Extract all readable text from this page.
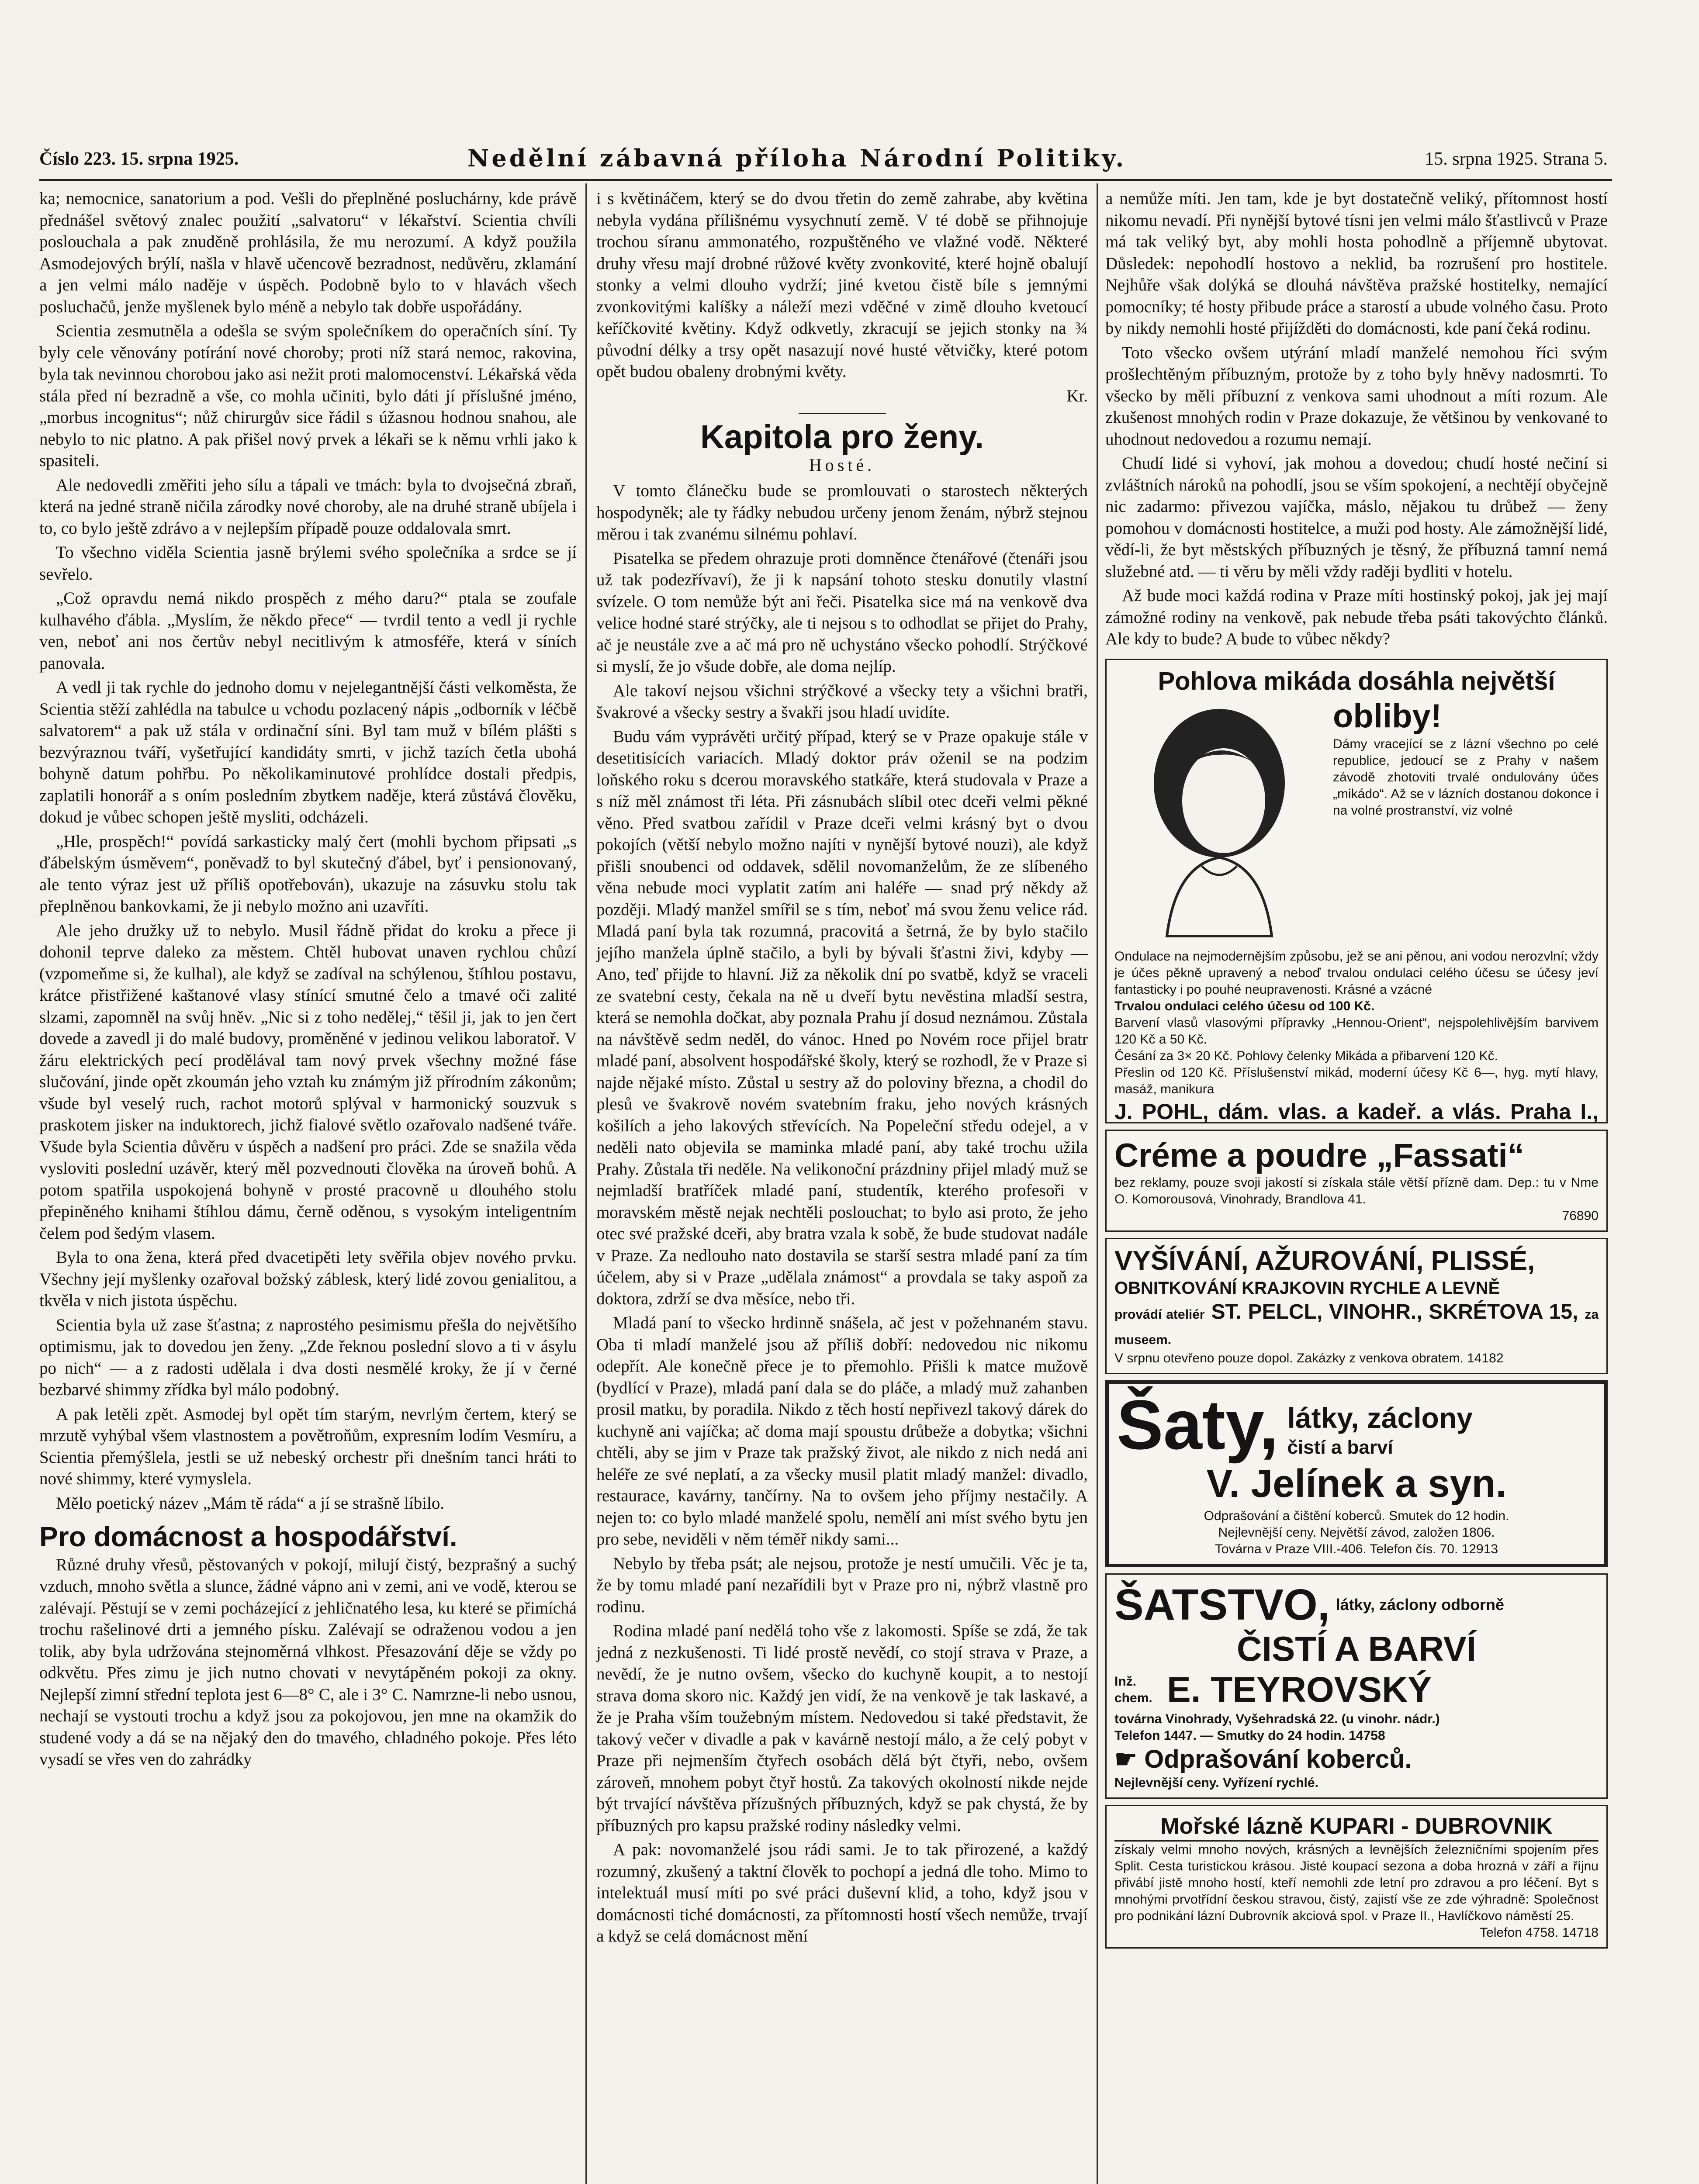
Číslo 223. 15. srpna 1925.	Nedělní zábavná příloha Národní Politiky.	15. srpna 1925. Strana 5.

ka; nemocnice, sanatorium a pod. Vešli do přeplněné posluchárny, kde právě přednášel světový znalec použití „salvatoru“ v lékařství. Scientia chvíli poslouchala a pak znuděně prohlásila, že mu nerozumí. A když použila Asmodejových brýlí, našla v hlavě učencově bezradnost, nedůvěru, zklamání a jen velmi málo naděje v úspěch. Podobně bylo to v hlavách všech posluchačů, jenže myšlenek bylo méně a nebylo tak dobře uspořádány.

Scientia zesmutněla a odešla se svým společníkem do operačních síní. Ty byly cele věnovány potírání nové choroby; proti níž stará nemoc, rakovina, byla tak nevinnou chorobou jako asi nežit proti malomocenství. Lékařská věda stála před ní bezradně a vše, co mohla učiniti, bylo dáti jí příslušné jméno, „morbus incognitus“; nůž chirurgův sice řádil s úžasnou hodnou snahou, ale nebylo to nic platno. A pak přišel nový prvek a lékaři se k němu vrhli jako k spasiteli.

Ale nedovedli změřiti jeho sílu a tápali ve tmách: byla to dvojsečná zbraň, která na jedné straně ničila zárodky nové choroby, ale na druhé straně ubíjela i to, co bylo ještě zdrávo a v nejlepším případě pouze oddalovala smrt.

To všechno viděla Scientia jasně brýlemi svého společníka a srdce se jí sevřelo.

„Což opravdu nemá nikdo prospěch z mého daru?“ ptala se zoufale kulhavého ďábla. „Myslím, že někdo přece“ — tvrdil tento a vedl ji rychle ven, neboť ani nos čertův nebyl necitlivým k atmosféře, která v síních panovala.

A vedl ji tak rychle do jednoho domu v nejelegantnější části velkoměsta, že Scientia stěží zahlédla na tabulce u vchodu pozlacený nápis „odborník v léčbě salvatorem“ a pak už stála v ordinační síni. Byl tam muž v bílém plášti s bezvýraznou tváří, vyšetřující kandidáty smrti, v jichž tazích četla ubohá bohyně datum pohřbu. Po několikaminutové prohlídce dostali předpis, zaplatili honorář a s oním posledním zbytkem naděje, která zůstává člověku, dokud je vůbec schopen ještě mysliti, odcházeli.

„Hle, prospěch!“ povídá sarkasticky malý čert (mohli bychom připsati „s ďábelským úsměvem“, poněvadž to byl skutečný ďábel, byť i pensionovaný, ale tento výraz jest už příliš opotřebován), ukazuje na zásuvku stolu tak přeplněnou bankovkami, že ji nebylo možno ani uzavříti.

Ale jeho družky už to nebylo. Musil řádně přidat do kroku a přece ji dohonil teprve daleko za městem. Chtěl hubovat unaven rychlou chůzí (vzpomeňme si, že kulhal), ale když se zadíval na schýlenou, štíhlou postavu, krátce přistřižené kaštanové vlasy stínící smutné čelo a tmavé oči zalité slzami, zapomněl na svůj hněv. „Nic si z toho nedělej,“ těšil ji, jak to jen čert dovede a zavedl ji do malé budovy, proměněné v jedinou velikou laboratoř. V žáru elektrických pecí prodělával tam nový prvek všechny možné fáse slučování, jinde opět zkoumán jeho vztah ku známým již přírodním zákonům; všude byl veselý ruch, rachot motorů splýval v harmonický souzvuk s praskotem jisker na induktorech, jichž fialové světlo ozařovalo nadšené tváře. Všude byla Scientia důvěru v úspěch a nadšení pro práci. Zde se snažila věda vysloviti poslední uzávěr, který měl pozvednouti člověka na úroveň bohů. A potom spatřila uspokojená bohyně v prosté pracovně u dlouhého stolu přepiněného knihami štíhlou dámu, černě oděnou, s vysokým inteligentním čelem pod šedým vlasem.

Byla to ona žena, která před dvacetipěti lety svěřila objev nového prvku. Všechny její myšlenky ozařoval božský záblesk, který lidé zovou genialitou, a tkvěla v nich jistota úspěchu.

Scientia byla už zase šťastna; z naprostého pesimismu přešla do největšího optimismu, jak to dovedou jen ženy. „Zde řeknou poslední slovo a ti v ásylu po nich“ — a z radosti udělala i dva dosti nesmělé kroky, že jí v černé bezbarvé shimmy zřídka byl málo podobný.

A pak letěli zpět. Asmodej byl opět tím starým, nevrlým čertem, který se mrzutě vyhýbal všem vlastnostem a povětroňům, expresním lodím Vesmíru, a Scientia přemýšlela, jestli se už nebeský orchestr při dnešním tanci hráti to nové shimmy, které vymyslela.

Mělo poetický název „Mám tě ráda“ a jí se strašně líbilo.

Pro domácnost a hospodářství.

Různé druhy vřesů, pěstovaných v pokojí, milují čistý, bezprašný a suchý vzduch, mnoho světla a slunce, žádné vápno ani v zemi, ani ve vodě, kterou se zalévají. Pěstují se v zemi pocházející z jehličnatého lesa, ku které se přimíchá trochu rašelinové drti a jemného písku. Zalévají se odraženou vodou a jen tolik, aby byla udržována stejnoměrná vlhkost. Přesazování děje se vždy po odkvětu. Přes zimu je jich nutno chovati v nevytápěném pokoji za okny. Nejlepší zimní střední teplota jest 6—8° C, ale i 3° C. Namrzne-li nebo usnou, nechají se vystouti trochu a když jsou za pokojovou, jen mne na okamžik do studené vody a dá se na nějaký den do tmavého, chladného pokoje. Přes léto vysadí se vřes ven do zahrádky

i s květináčem, který se do dvou třetin do země zahrabe, aby květina nebyla vydána přílišnému vysychnutí země. V té době se přihnojuje trochou síranu ammonatého, rozpuštěného ve vlažné vodě. Některé druhy vřesu mají drobné růžové květy zvonkovité, které hojně obalují stonky a velmi dlouho vydrží; jiné kvetou čistě bíle s jemnými zvonkovitými kalíšky a náleží mezi vděčné v zimě dlouho kvetoucí keříčkovité květiny. Když odkvetly, zkracují se jejich stonky na ¾ původní délky a trsy opět nasazují nové husté větvičky, které potom opět budou obaleny drobnými květy.

Kr.

Kapitola pro ženy.
Hosté.

V tomto článečku bude se promlouvati o starostech některých hospodyněk; ale ty řádky nebudou určeny jenom ženám, nýbrž stejnou měrou i tak zvanému silnému pohlaví.

Pisatelka se předem ohrazuje proti domněnce čtenářové (čtenáři jsou už tak podezřívaví), že ji k napsání tohoto stesku donutily vlastní svízele. O tom nemůže být ani řeči. Pisatelka sice má na venkově dva velice hodné staré strýčky, ale ti nejsou s to odhodlat se přijet do Prahy, ač je neustále zve a ač má pro ně uchystáno všecko pohodlí. Strýčkové si myslí, že jo všude dobře, ale doma nejlíp.

Ale takoví nejsou všichni strýčkové a všecky tety a všichni bratři, švakrové a všecky sestry a švakři jsou hladí uvidíte.

Budu vám vyprávěti určitý případ, který se v Praze opakuje stále v desetitisících variacích. Mladý doktor práv oženil se na podzim loňského roku s dcerou moravského statkáře, která studovala v Praze a s níž měl známost tři léta. Při zásnubách slíbil otec dceři velmi pěkné věno. Před svatbou zařídil v Praze dceři velmi krásný byt o dvou pokojích (větší nebylo možno najíti v nynější bytové nouzi), ale když přišli snoubenci od oddavek, sdělil novomanželům, že ze slíbeného věna nebude moci vyplatit zatím ani haléře — snad prý někdy až později. Mladý manžel smířil se s tím, neboť má svou ženu velice rád. Mladá paní byla tak rozumná, pracovitá a šetrná, že by bylo stačilo jejího manžela úplně stačilo, a byli by bývali šťastni živi, kdyby — Ano, teď přijde to hlavní. Již za několik dní po svatbě, když se vraceli ze svatební cesty, čekala na ně u dveří bytu nevěstina mladší sestra, která se nemohla dočkat, aby poznala Prahu jí dosud neznámou. Zůstala na návštěvě sedm neděl, do vánoc. Hned po Novém roce přijel bratr mladé paní, absolvent hospodářské školy, který se rozhodl, že v Praze si najde nějaké místo. Zůstal u sestry až do poloviny března, a chodil do plesů ve švakrově novém svatebním fraku, jeho nových krásných košilích a jeho lakových střevících. Na Popeleční středu odejel, a v neděli nato objevila se maminka mladé paní, aby také trochu užila Prahy. Zůstala tři neděle. Na velikonoční prázdniny přijel mladý muž se nejmladší bratříček mladé paní, studentík, kterého profesoři v moravském městě nejak nechtěli poslouchat; to bylo asi proto, že jeho otec své pražské dceři, aby bratra vzala k sobě, že bude studovat nadále v Praze. Za nedlouho nato dostavila se starší sestra mladé paní za tím účelem, aby si v Praze „udělala známost“ a provdala se taky aspoň za doktora, zdrží se dva měsíce, nebo tři.

Mladá paní to všecko hrdinně snášela, ač jest v požehnaném stavu. Oba ti mladí manželé jsou až příliš dobří: nedovedou nic nikomu odepřít. Ale konečně přece je to přemohlo. Přišli k matce mužově (bydlící v Praze), mladá paní dala se do pláče, a mladý muž zahanben prosil matku, by poradila. Nikdo z těch hostí nepřivezl takový dárek do kuchyně ani vajíčka; ač doma mají spoustu drůbeže a dobytka; všichni chtěli, aby se jim v Praze tak pražský život, ale nikdo z nich nedá ani heléře ze své neplatí, a za všecky musil platit mladý manžel: divadlo, restaurace, kavárny, tančírny. Na to ovšem jeho příjmy nestačily. A nejen to: co bylo mladé manželé spolu, nemělí ani míst svého bytu jen pro sebe, neviděli v něm téměř nikdy sami...

Nebylo by třeba psát; ale nejsou, protože je nestí umučili. Věc je ta, že by tomu mladé paní nezařídili byt v Praze pro ni, nýbrž vlastně pro rodinu.

Rodina mladé paní nedělá toho vše z lakomosti. Spíše se zdá, že tak jedná z nezkušenosti. Ti lidé prostě nevědí, co stojí strava v Praze, a nevědí, že je nutno ovšem, všecko do kuchyně koupit, a to nestojí strava doma skoro nic. Každý jen vidí, že na venkově je tak laskavé, a že je Praha vším toužebným místem. Nedovedou si také představit, že takový večer v divadle a pak v kavárně nestojí málo, a že celý pobyt v Praze při nejmenším čtyřech osobách dělá být čtyři, nebo, ovšem zároveň, mnohem pobyt čtyř hostů. Za takových okolností nikde nejde být trvající návštěva přízušných příbuzných, když se pak chystá, že by příbuzných pro kapsu pražské rodiny následky velmi.

A pak: novomanželé jsou rádi sami. Je to tak přirozené, a každý rozumný, zkušený a taktní člověk to pochopí a jedná dle toho. Mimo to intelektuál musí míti po své práci duševní klid, a toho, když jsou v domácnosti tiché domácnosti, za přítomnosti hostí všech nemůže, trvají a když se celá domácnost mění

a nemůže míti. Jen tam, kde je byt dostatečně veliký, přítomnost hostí nikomu nevadí. Při nynější bytové tísni jen velmi málo šťastlivců v Praze má tak veliký byt, aby mohli hosta pohodlně a příjemně ubytovat. Důsledek: nepohodlí hostovo a neklid, ba rozrušení pro hostitele. Nejhůře však dolýká se dlouhá návštěva pražské hostitelky, nemající pomocníky; té hosty přibude práce a starostí a ubude volného času. Proto by nikdy nemohli hosté přijížděti do domácnosti, kde paní čeká rodinu.

Toto všecko ovšem utýrání mladí manželé nemohou říci svým prošlechtěným příbuzným, protože by z toho byly hněvy nadosmrti. To všecko by měli příbuzní z venkova sami uhodnout a míti rozum. Ale zkušenost mnohých rodin v Praze dokazuje, že většinou by venkované to uhodnout nedovedou a rozumu nemají.

Chudí lidé si vyhoví, jak mohou a dovedou; chudí hosté nečiní si zvláštních nároků na pohodlí, jsou se vším spokojení, a nechtějí obyčejně nic zadarmo: přivezou vajíčka, máslo, nějakou tu drůbež — ženy pomohou v domácnosti hostitelce, a muži pod hosty. Ale zámožnější lidé, vědí-li, že byt městských příbuzných je těsný, že příbuzná tamní nemá služebné atd. — ti věru by měli vždy raději bydliti v hotelu.

Až bude moci každá rodina v Praze míti hostinský pokoj, jak jej mají zámožné rodiny na venkově, pak nebude třeba psáti takovýchto článků. Ale kdy to bude? A bude to vůbec někdy?

Pohlova mikáda dosáhla největší
obliby!
Dámy vracející se z lázní všechno po celé republice, jedoucí se z Prahy v našem závodě zhotoviti trvalé ondulovány účes „mikádo“. Až se v lázních dostanou dokonce i na volné prostranství, viz volné
Ondulace na nejmodernějším způsobu, jež se ani pěnou, ani vodou nerozvlní; vždy je účes pěkně upravený a neboď trvalou ondulaci celého účesu se účesy jeví fantasticky i po pouhé neupravenosti. Krásné a vzácné
Trvalou ondulaci celého účesu od 100 Kč.
Barvení vlasů vlasovými přípravky „Hennou-Orient“, nejspolehlivějším barvivem 120 Kč a 50 Kč.
Česání za 3× 20 Kč. Pohlovy čelenky Mikáda a přibarvení 120 Kč.
Přeslin od 120 Kč. Příslušenství mikád, moderní účesy Kč 6—, hyg. mytí hlavy, masáž, manikura
J. POHL, dám. vlas. a kadeř. a vlás. Praha I.,
Créme a poudre „Fassati“
bez reklamy, pouze svoji jakostí si získala stále větší přízně dam. Dep.: tu v Nme O. Komorousová, Vinohrady, Brandlova 41.
76890
VYŠÍVÁNÍ, AŽUROVÁNÍ, PLISSÉ,
OBNITKOVÁNÍ KRAJKOVIN RYCHLE A LEVNĚ
provádí ateliér ST. PELCL, VINOHR., SKRÉTOVA 15, za museem.
V srpnu otevřeno pouze dopol. Zakázky z venkova obratem. 14182
Šaty, látky, záclony
čistí a barví
V. Jelínek a syn.
Odprašování a čištění koberců. Smutek do 12 hodin.
Nejlevnější ceny. Největší závod, založen 1806.
Továrna v Praze VIII.-406. Telefon čís. 70. 12913
ŠATSTVO, látky, záclony odborně
ČISTÍ A BARVÍ
Inž. chem. E. TEYROVSKÝ
továrna Vinohrady, Vyšehradská 22. (u vinohr. nádr.)
Telefon 1447. — Smutky do 24 hodin. 14758
☛ Odprašování koberců.
Nejlevnější ceny. Vyřízení rychlé.
Mořské lázně KUPARI - DUBROVNIK
získaly velmi mnoho nových, krásných a levnějších železničními spojením přes Split. Cesta turistickou krásou. Jisté koupací sezona a doba hrozná v září a říjnu přivábí jistě mnoho hostí, kteří nemohli zde letní pro zdravou a pro léčení. Byt s mnohými prvotřídní českou stravou, čistý, zajistí vše ze zde výhradně: Společnost pro podnikání lázní Dubrovník akciová spol. v Praze II., Havlíčkovo náměstí 25.
Telefon 4758. 14718
